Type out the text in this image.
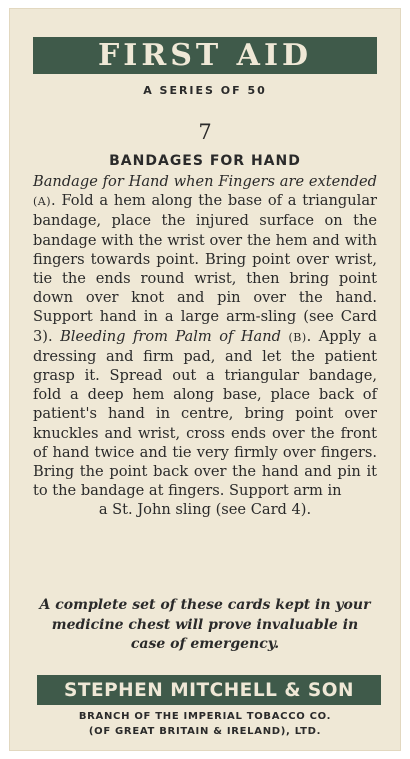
FIRST AID
A SERIES OF 50
7
BANDAGES FOR HAND
Bandage for Hand when Fingers are extended (A). Fold a hem along the base of a triangular bandage, place the injured surface on the bandage with the wrist over the hem and with fingers towards point. Bring point over wrist, tie the ends round wrist, then bring point down over knot and pin over the hand. Support hand in a large arm-sling (see Card 3). Bleeding from Palm of Hand (B). Apply a dressing and firm pad, and let the patient grasp it. Spread out a triangular bandage, fold a deep hem along base, place back of patient's hand in centre, bring point over knuckles and wrist, cross ends over the front of hand twice and tie very firmly over fingers. Bring the point back over the hand and pin it to the bandage at fingers. Support arm in
a St. John sling (see Card 4).
A complete set of these cards kept in your medicine chest will prove invaluable in case of emergency.
STEPHEN MITCHELL & SON
BRANCH OF THE IMPERIAL TOBACCO CO.
(OF GREAT BRITAIN & IRELAND), LTD.
